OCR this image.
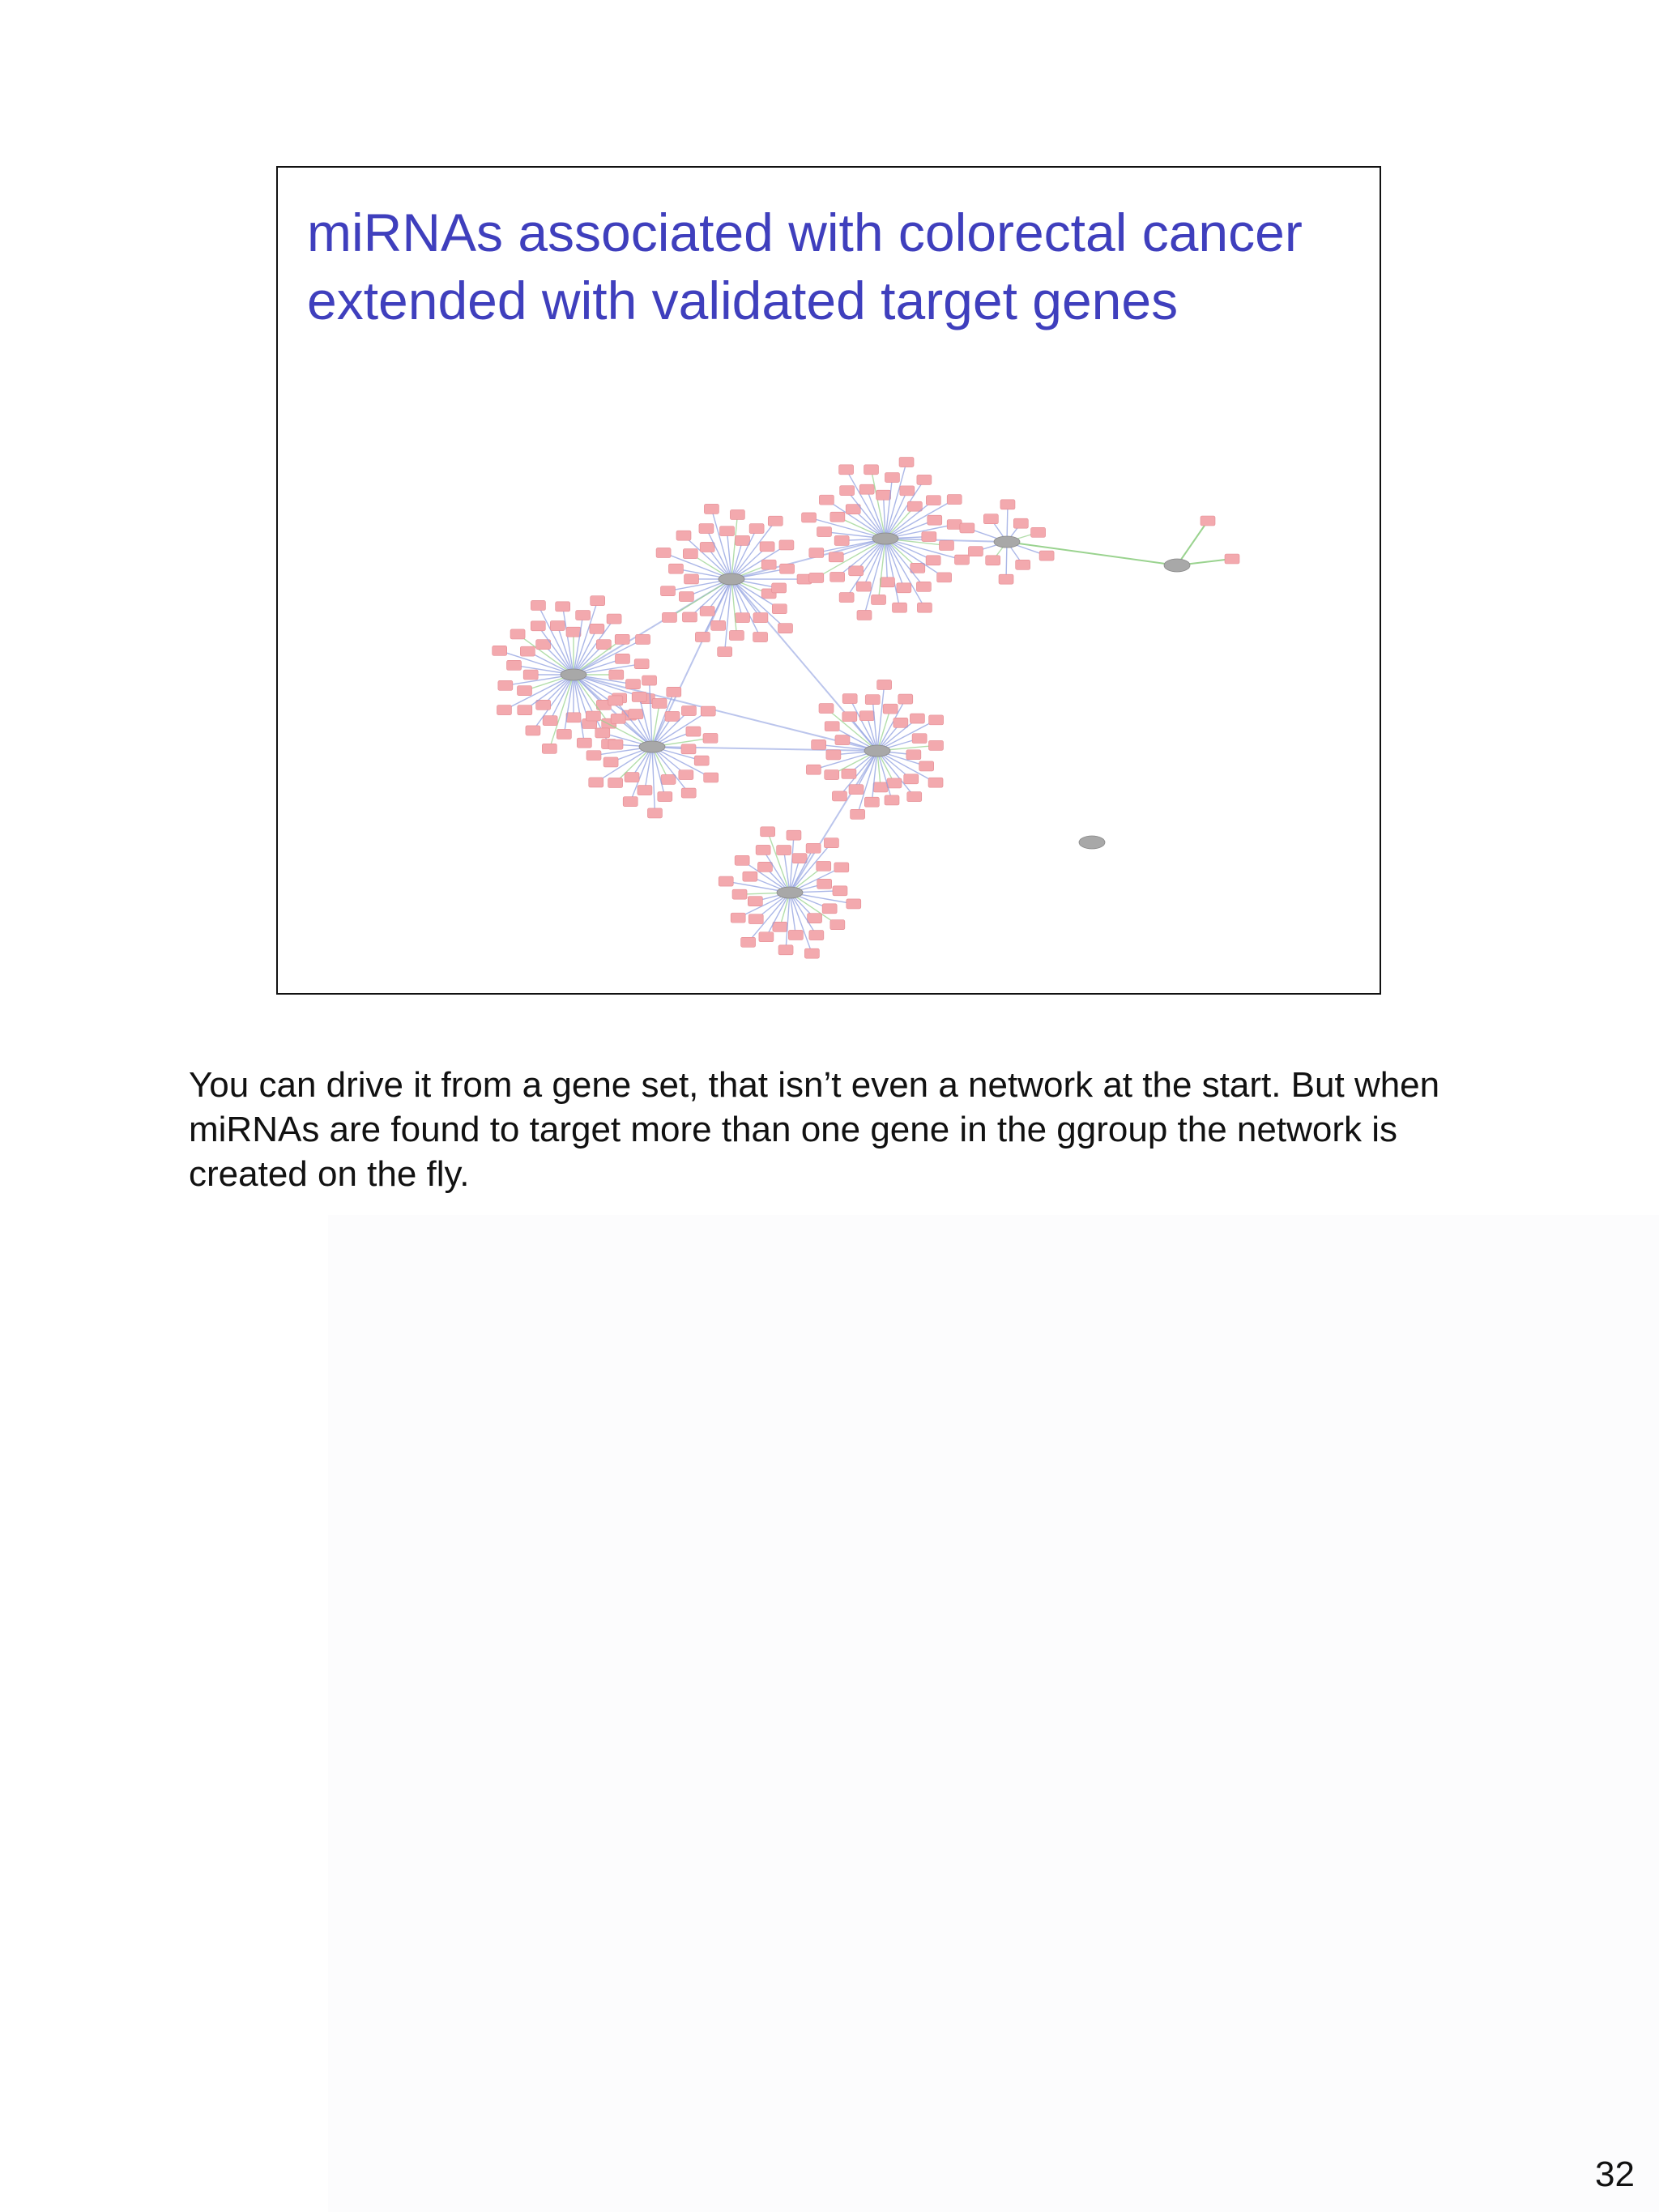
miRNAs associated with colorectal cancer
extended with validated target genes

You can drive it from a gene set, that isn’t even a network at the start. But when miRNAs are found to target more than one gene in the ggroup the network is created on the fly.

32
